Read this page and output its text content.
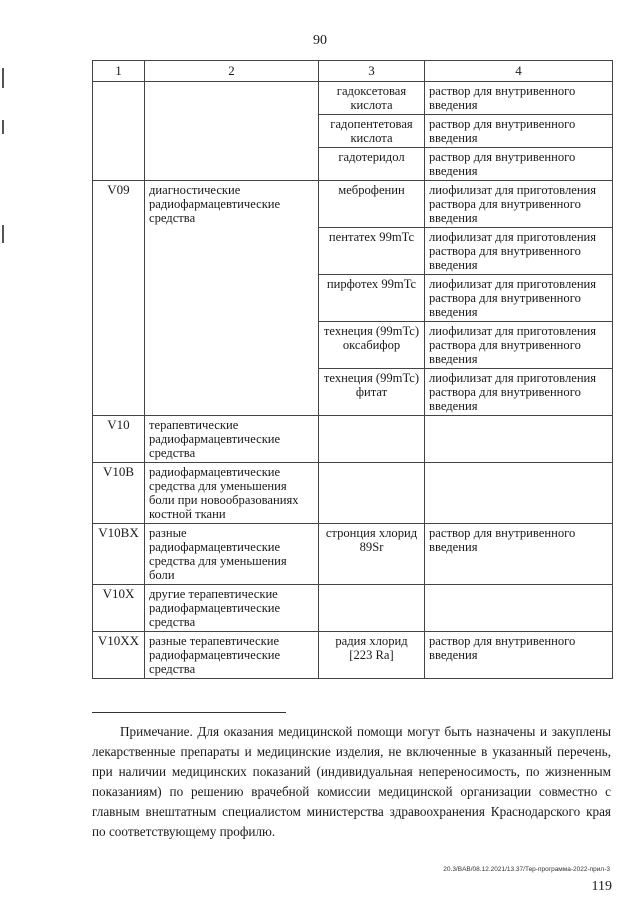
90
1	2	3	4
		гадоксетовая кислота	раствор для внутривенного введения
		гадопентетовая кислота	раствор для внутривенного введения
		гадотеридол	раствор для внутривенного введения
V09	диагностические радиофармацевтические средства	меброфенин	лиофилизат для приготовления раствора для внутривенного введения
		пентатех 99mTc	лиофилизат для приготовления раствора для внутривенного введения
		пирфотех 99mTc	лиофилизат для приготовления раствора для внутривенного введения
		технеция (99mTc) оксабифор	лиофилизат для приготовления раствора для внутривенного введения
		технеция (99mTc) фитат	лиофилизат для приготовления раствора для внутривенного введения
V10	терапевтические радиофармацевтические средства		
V10B	радиофармацевтические средства для уменьшения боли при новообразованиях костной ткани		
V10BX	разные радиофармацевтические средства для уменьшения боли	стронция хлорид 89Sr	раствор для внутривенного введения
V10X	другие терапевтические радиофармацевтические средства		
V10XX	разные терапевтические радиофармацевтические средства	радия хлорид [223 Ra]	раствор для внутривенного введения

Примечание. Для оказания медицинской помощи могут быть назначены и закуплены лекарственные препараты и медицинские изделия, не включенные в указанный перечень, при наличии медицинских показаний (индивидуальная непереносимость, по жизненным показаниям) по решению врачебной комиссии медицинской организации совместно с главным внештатным специалистом министерства здравоохранения Краснодарского края по соответствующему профилю.

20.3/BAB/08.12.2021/13.37/Тер-программа-2022-прил-3
119
